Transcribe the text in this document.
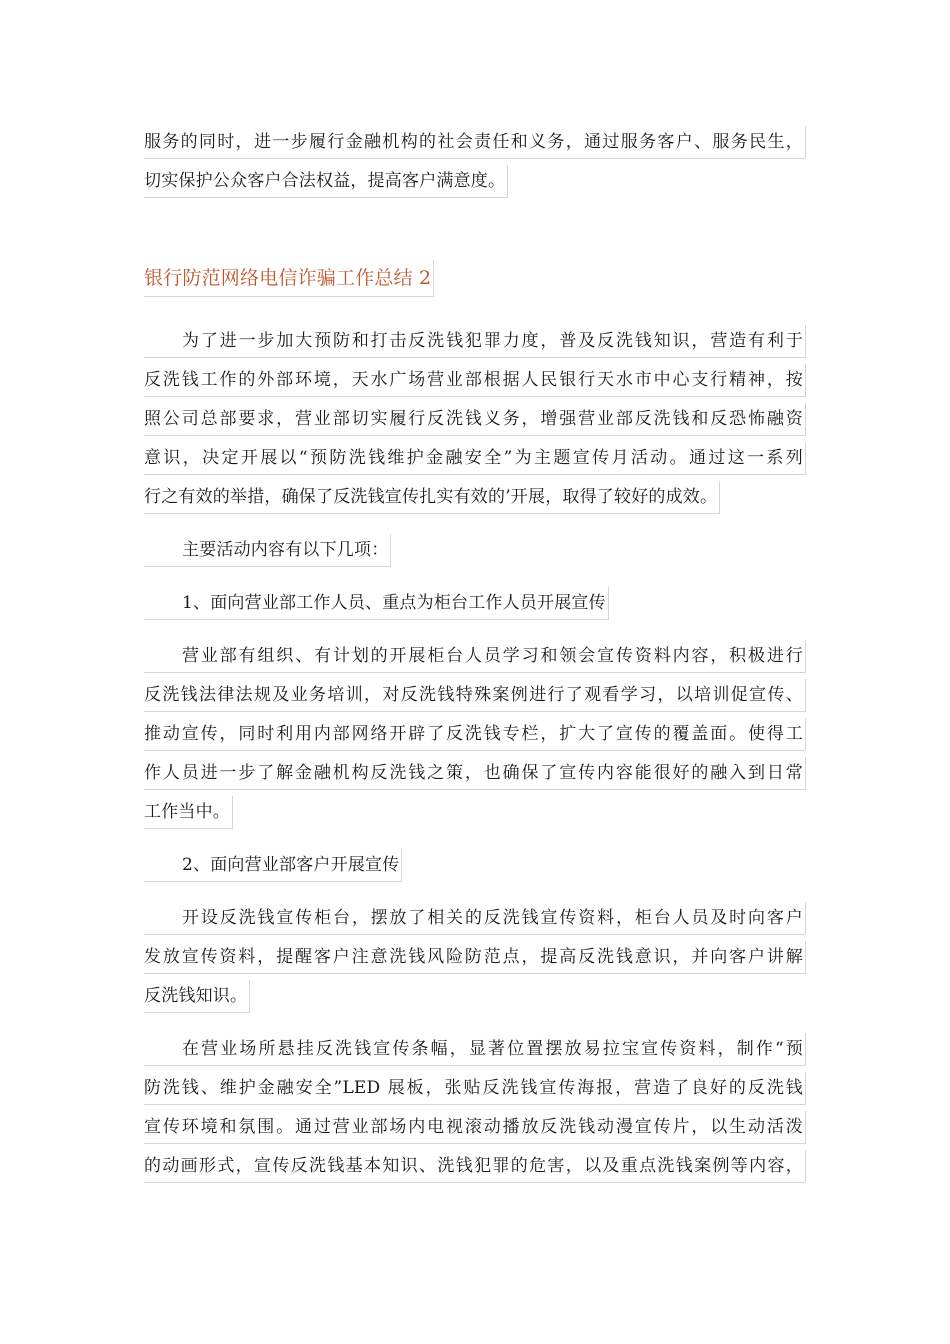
服务的同时，进一步履行金融机构的社会责任和义务，通过服务客户、服务民生，
切实保护公众客户合法权益，提高客户满意度。
银行防范网络电信诈骗工作总结 2
为了进一步加大预防和打击反洗钱犯罪力度，普及反洗钱知识，营造有利于
反洗钱工作的外部环境，天水广场营业部根据人民银行天水市中心支行精神，按
照公司总部要求，营业部切实履行反洗钱义务，增强营业部反洗钱和反恐怖融资
意识，决定开展以“预防洗钱维护金融安全”为主题宣传月活动。通过这一系列
行之有效的举措，确保了反洗钱宣传扎实有效的’开展，取得了较好的成效。
主要活动内容有以下几项：
1、面向营业部工作人员、重点为柜台工作人员开展宣传
营业部有组织、有计划的开展柜台人员学习和领会宣传资料内容，积极进行
反洗钱法律法规及业务培训，对反洗钱特殊案例进行了观看学习，以培训促宣传、
推动宣传，同时利用内部网络开辟了反洗钱专栏，扩大了宣传的覆盖面。使得工
作人员进一步了解金融机构反洗钱之策，也确保了宣传内容能很好的融入到日常
工作当中。
2、面向营业部客户开展宣传
开设反洗钱宣传柜台，摆放了相关的反洗钱宣传资料，柜台人员及时向客户
发放宣传资料，提醒客户注意洗钱风险防范点，提高反洗钱意识，并向客户讲解
反洗钱知识。
在营业场所悬挂反洗钱宣传条幅，显著位置摆放易拉宝宣传资料，制作“预
防洗钱、维护金融安全”LED 展板，张贴反洗钱宣传海报，营造了良好的反洗钱
宣传环境和氛围。通过营业部场内电视滚动播放反洗钱动漫宣传片，以生动活泼
的动画形式，宣传反洗钱基本知识、洗钱犯罪的危害，以及重点洗钱案例等内容，
